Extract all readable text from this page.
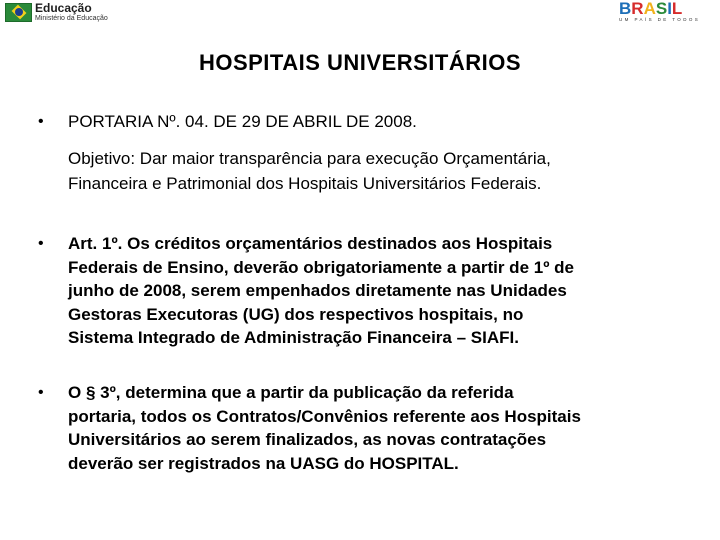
Educação
Ministério da Educação
B R A S I L
UM PAÍS DE TODOS
HOSPITAIS UNIVERSITÁRIOS
• PORTARIA Nº. 04. DE 29 DE ABRIL DE 2008.
Objetivo: Dar maior transparência para execução Orçamentária,
Financeira e Patrimonial dos Hospitais Universitários Federais.
• Art. 1º. Os créditos orçamentários destinados aos Hospitais
Federais de Ensino, deverão obrigatoriamente a partir de 1º de
junho de 2008, serem empenhados diretamente nas Unidades
Gestoras Executoras (UG) dos respectivos hospitais, no
Sistema Integrado de Administração Financeira – SIAFI.
• O § 3º, determina que a partir da publicação da referida
portaria, todos os Contratos/Convênios referente aos Hospitais
Universitários ao serem finalizados, as novas contratações
deverão ser registrados na UASG do HOSPITAL.
